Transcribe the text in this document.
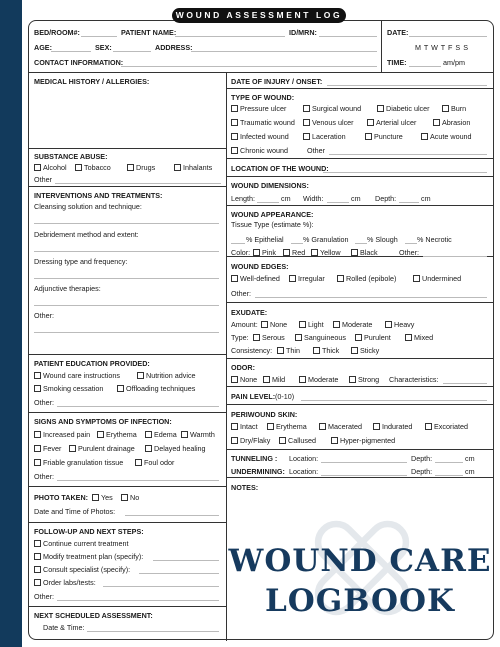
WOUND ASSESSMENT LOG
BED/ROOM#:	PATIENT NAME:	ID/MRN:	DATE:
AGE:	SEX:	ADDRESS:	M T W T F S S
CONTACT INFORMATION:	TIME:	am/pm
MEDICAL HISTORY / ALLERGIES:
SUBSTANCE ABUSE:
Alcohol	Tobacco	Drugs	Inhalants
Other
INTERVENTIONS AND TREATMENTS:
Cleansing solution and technique:
Debridement method and extent:
Dressing type and frequency:
Adjunctive therapies:
Other:
PATIENT EDUCATION PROVIDED:
Wound care instructions	Nutrition advice
Smoking cessation	Offloading techniques
Other:
SIGNS AND SYMPTOMS OF INFECTION:
Increased pain	Erythema	Edema	Warmth
Fever	Purulent drainage	Delayed healing
Friable granulation tissue	Foul odor
Other:
PHOTO TAKEN:	Yes	No
Date and Time of Photos:
FOLLOW-UP AND NEXT STEPS:
Continue current treatment
Modify treatment plan (specify):
Consult specialist (specify):
Order labs/tests:
Other:
NEXT SCHEDULED ASSESSMENT:
Date & Time:
DATE OF INJURY / ONSET:
TYPE OF WOUND:
Pressure ulcer	Surgical wound	Diabetic ulcer	Burn
Traumatic wound	Venous ulcer	Arterial ulcer	Abrasion
Infected wound	Laceration	Puncture	Acute wound
Chronic wound	Other
LOCATION OF THE WOUND:
WOUND DIMENSIONS:
Length:	cm Width:	cm Depth:	cm
WOUND APPEARANCE:
Tissue Type (estimate %):
% Epithelial	% Granulation	% Slough	% Necrotic
Color:	Pink	Red	Yellow	Black	Other:
WOUND EDGES:
Well-defined	Irregular	Rolled (epibole)	Undermined
Other:
EXUDATE:
Amount:	None	Light	Moderate	Heavy
Type:	Serous	Sanguineous	Purulent	Mixed
Consistency:	Thin	Thick	Sticky
ODOR:
None	Mild	Moderate	Strong Characteristics:
PAIN LEVEL: (0-10)
PERIWOUND SKIN:
Intact	Erythema	Macerated	Indurated	Excoriated
Dry/Flaky	Callused	Hyper-pigmented
TUNNELING : Location:	Depth:	cm
UNDERMINING: Location:	Depth:	cm
NOTES:
WOUND CARE
LOGBOOK
